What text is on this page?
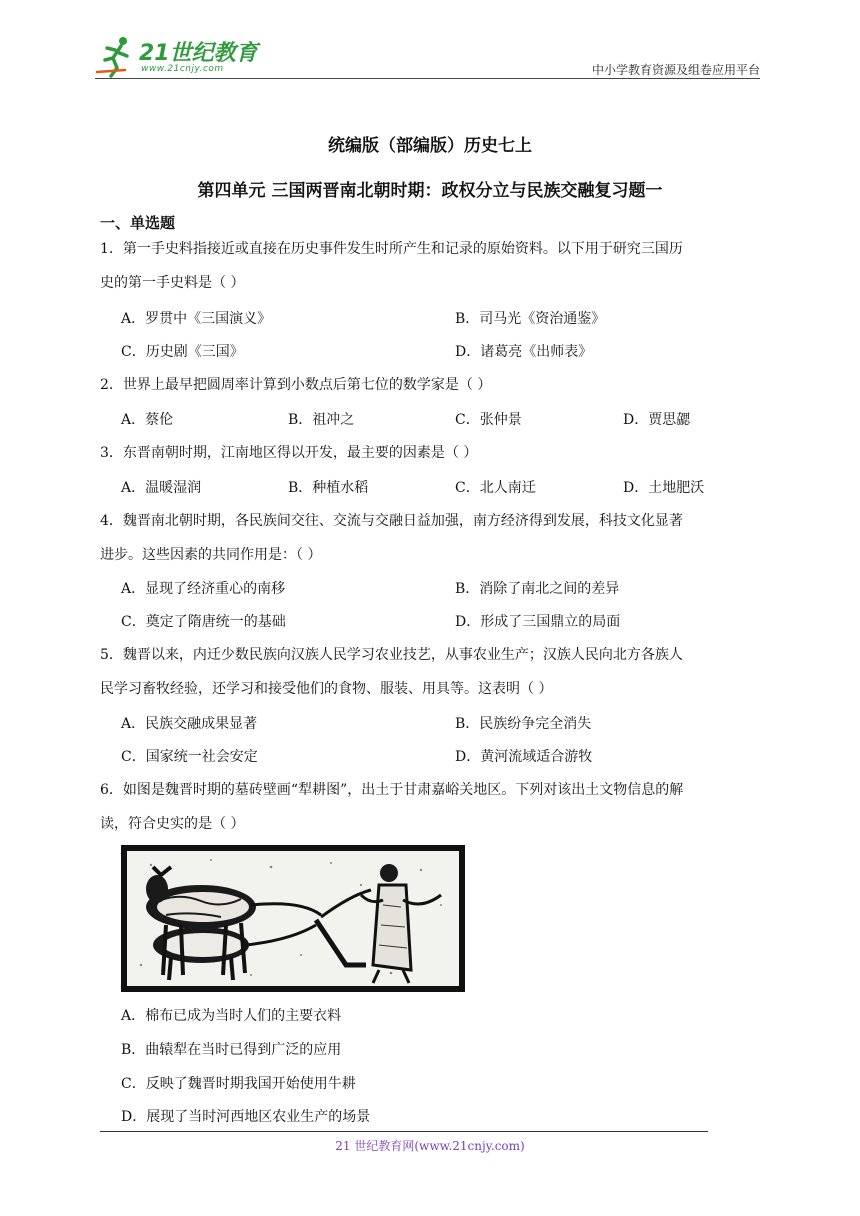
21世纪教育
www.21cnjy.com	中小学教育资源及组卷应用平台
统编版（部编版）历史七上
第四单元 三国两晋南北朝时期：政权分立与民族交融复习题一
一、单选题
1．第一手史料指接近或直接在历史事件发生时所产生和记录的原始资料。以下用于研究三国历
史的第一手史料是（ ）
A．罗贯中《三国演义》	B．司马光《资治通鉴》
C．历史剧《三国》	D．诸葛亮《出师表》
2．世界上最早把圆周率计算到小数点后第七位的数学家是（ ）
A．蔡伦	B．祖冲之	C．张仲景	D．贾思勰
3．东晋南朝时期，江南地区得以开发，最主要的因素是（ ）
A．温暖湿润	B．种植水稻	C．北人南迁	D．土地肥沃
4．魏晋南北朝时期，各民族间交往、交流与交融日益加强，南方经济得到发展，科技文化显著
进步。这些因素的共同作用是：（ ）
A．显现了经济重心的南移	B．消除了南北之间的差异
C．奠定了隋唐统一的基础	D．形成了三国鼎立的局面
5．魏晋以来，内迁少数民族向汉族人民学习农业技艺，从事农业生产；汉族人民向北方各族人
民学习畜牧经验，还学习和接受他们的食物、服装、用具等。这表明（ ）
A．民族交融成果显著	B．民族纷争完全消失
C．国家统一社会安定	D．黄河流域适合游牧
6．如图是魏晋时期的墓砖壁画“犁耕图”，出土于甘肃嘉峪关地区。下列对该出土文物信息的解
读，符合史实的是（ ）
A．棉布已成为当时人们的主要衣料
B．曲辕犁在当时已得到广泛的应用
C．反映了魏晋时期我国开始使用牛耕
D．展现了当时河西地区农业生产的场景
21 世纪教育网(www.21cnjy.com)
